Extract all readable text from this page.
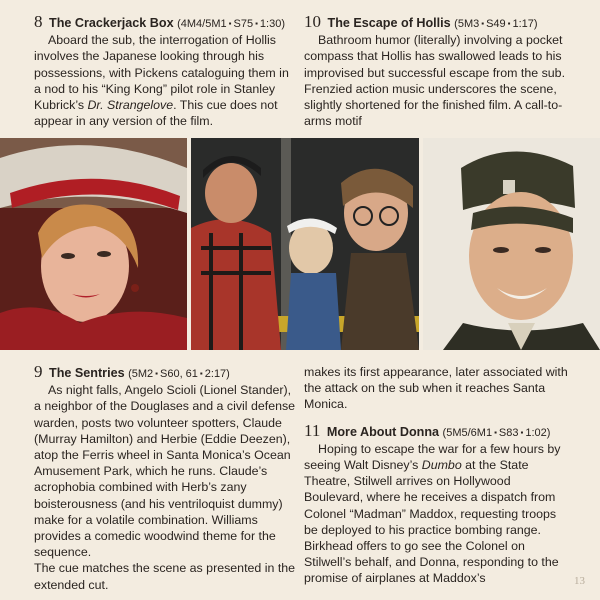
8 The Crackerjack Box (4M4/5M1 ▪ S75 ▪ 1:30)

Aboard the sub, the interrogation of Hollis involves the Japanese looking through his possessions, with Pickens cataloguing them in a nod to his “King Kong” pilot role in Stanley Kubrick’s Dr. Strangelove. This cue does not appear in any version of the film.

10 The Escape of Hollis (5M3 ▪ S49 ▪ 1:17)

Bathroom humor (literally) involving a pocket compass that Hollis has swallowed leads to his improvised but successful escape from the sub. Frenzied action music underscores the scene, slightly shortened for the finished film. A call-to-arms motif

9 The Sentries (5M2 ▪ S60, 61 ▪ 2:17)

As night falls, Angelo Scioli (Lionel Stander), a neighbor of the Douglases and a civil defense warden, posts two volunteer spotters, Claude (Murray Hamilton) and Herbie (Eddie Deezen), atop the Ferris wheel in Santa Monica’s Ocean Amusement Park, which he runs. Claude’s acrophobia combined with Herb’s zany boisterousness (and his ventriloquist dummy) make for a volatile combination. Williams provides a comedic woodwind theme for the sequence.

The cue matches the scene as presented in the extended cut.

makes its first appearance, later associated with the attack on the sub when it reaches Santa Monica.

11 More About Donna (5M5/6M1 ▪ S83 ▪ 1:02)

Hoping to escape the war for a few hours by seeing Walt Disney’s Dumbo at the State Theatre, Stilwell arrives on Hollywood Boulevard, where he receives a dispatch from Colonel “Madman” Maddox, requesting troops be deployed to his practice bombing range. Birkhead offers to go see the Colonel on Stilwell’s behalf, and Donna, responding to the promise of airplanes at Maddox’s	13
